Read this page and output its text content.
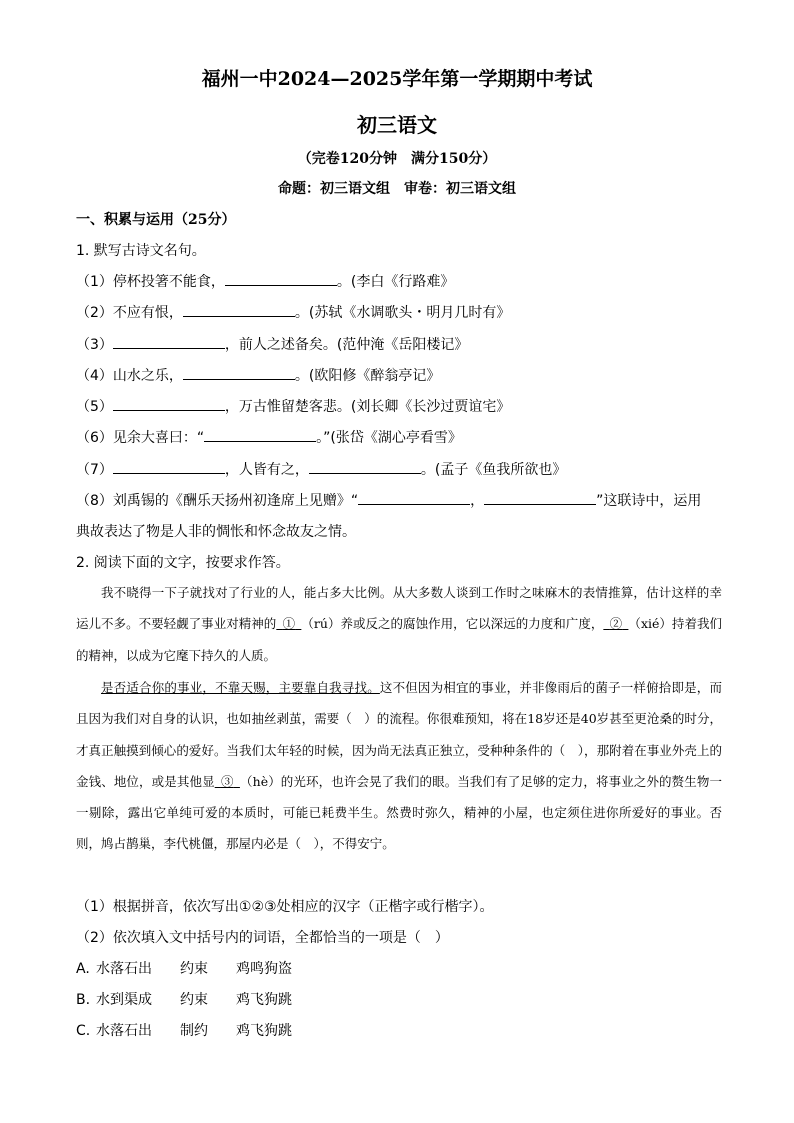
福州一中2024—2025学年第一学期期中考试
初三语文
（完卷120分钟　满分150分）
命题：初三语文组　审卷：初三语文组
一、积累与运用（25分）
1. 默写古诗文名句。
（1）停杯投箸不能食，	。(李白《行路难》
（2）不应有恨，	。(苏轼《水调歌头・明月几时有》
（3）	，前人之述备矣。(范仲淹《岳阳楼记》
（4）山水之乐，	。(欧阳修《醉翁亭记》
（5）	，万古惟留楚客悲。(刘长卿《长沙过贾谊宅》
（6）见余大喜曰：“	。”(张岱《湖心亭看雪》
（7）	，人皆有之，	。(孟子《鱼我所欲也》
（8）刘禹锡的《酬乐天扬州初逢席上见赠》“	，	”这联诗中，运用
典故表达了物是人非的惆怅和怀念故友之情。
2. 阅读下面的文字，按要求作答。
我不晓得一下子就找对了行业的人，能占多大比例。从大多数人谈到工作时之味麻木的表情推算，估计这样的幸运儿不多。不要轻觑了事业对精神的  ①  （rú）养或反之的腐蚀作用，它以深远的力度和广度，  ②  （xié）持着我们的精神，以成为它麾下持久的人质。
是否适合你的事业，不靠天赐，主要靠自我寻找。这不但因为相宜的事业，并非像雨后的菌子一样俯拾即是，而且因为我们对自身的认识，也如抽丝剥茧，需要（　）的流程。你很难预知，将在18岁还是40岁甚至更沧桑的时分，才真正触摸到倾心的爱好。当我们太年轻的时候，因为尚无法真正独立，受种种条件的（　），那附着在事业外壳上的金钱、地位，或是其他显  ③  （hè）的光环，也许会晃了我们的眼。当我们有了足够的定力，将事业之外的赘生物一一剔除，露出它单纯可爱的本质时，可能已耗费半生。然费时弥久，精神的小屋，也定须住进你所爱好的事业。否则，鸠占鹊巢，李代桃僵，那屋内必是（　），不得安宁。
（1）根据拼音，依次写出①②③处相应的汉字（正楷字或行楷字）。
（2）依次填入文中括号内的词语，全都恰当的一项是（　）
A. 水落石出 约束 鸡鸣狗盗
B. 水到渠成 约束 鸡飞狗跳
C. 水落石出 制约 鸡飞狗跳
